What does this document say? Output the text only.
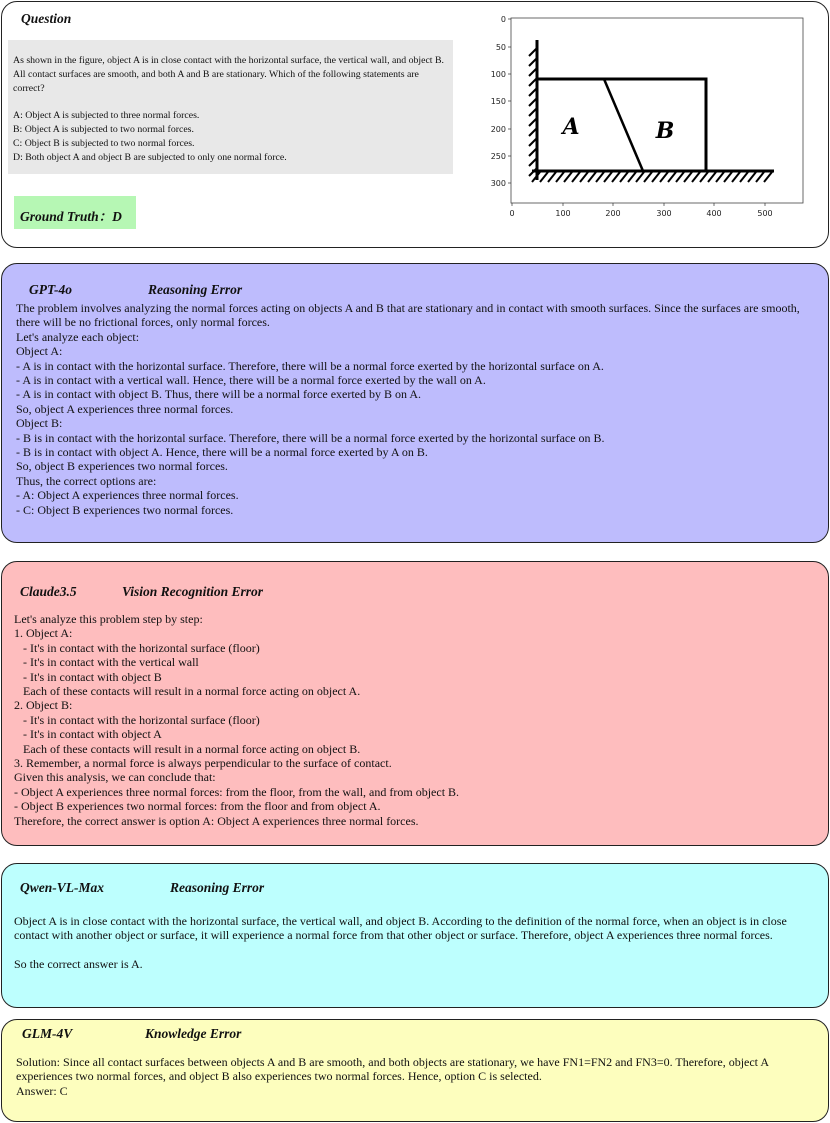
Question
As shown in the figure, object A is in close contact with the horizontal surface, the vertical wall, and object B. All contact surfaces are smooth, and both A and B are stationary. Which of the following statements are correct?
A: Object A is subjected to three normal forces.
B: Object A is subjected to two normal forces.
C: Object B is subjected to two normal forces.
D: Both object A and object B are subjected to only one normal force.
Ground Truth：D
0
50
100
150
200
250
300
0	100	200	300	400	500
A	B
GPT-4o	Reasoning Error
The problem involves analyzing the normal forces acting on objects A and B that are stationary and in contact with smooth surfaces. Since the surfaces are smooth, there will be no frictional forces, only normal forces.
Let's analyze each object:
Object A:
- A is in contact with the horizontal surface. Therefore, there will be a normal force exerted by the horizontal surface on A.
- A is in contact with a vertical wall. Hence, there will be a normal force exerted by the wall on A.
- A is in contact with object B. Thus, there will be a normal force exerted by B on A.
So, object A experiences three normal forces.
Object B:
- B is in contact with the horizontal surface. Therefore, there will be a normal force exerted by the horizontal surface on B.
- B is in contact with object A. Hence, there will be a normal force exerted by A on B.
So, object B experiences two normal forces.
Thus, the correct options are:
- A: Object A experiences three normal forces.
- C: Object B experiences two normal forces.
Claude3.5	Vision Recognition Error
Let's analyze this problem step by step:
1. Object A:
- It's in contact with the horizontal surface (floor)
- It's in contact with the vertical wall
- It's in contact with object B
Each of these contacts will result in a normal force acting on object A.
2. Object B:
- It's in contact with the horizontal surface (floor)
- It's in contact with object A
Each of these contacts will result in a normal force acting on object B.
3. Remember, a normal force is always perpendicular to the surface of contact.
Given this analysis, we can conclude that:
- Object A experiences three normal forces: from the floor, from the wall, and from object B.
- Object B experiences two normal forces: from the floor and from object A.
Therefore, the correct answer is option A: Object A experiences three normal forces.
Qwen-VL-Max	Reasoning Error
Object A is in close contact with the horizontal surface, the vertical wall, and object B. According to the definition of the normal force, when an object is in close contact with another object or surface, it will experience a normal force from that other object or surface. Therefore, object A experiences three normal forces.
So the correct answer is A.
GLM-4V	Knowledge Error
Solution: Since all contact surfaces between objects A and B are smooth, and both objects are stationary, we have FN1=FN2 and FN3=0. Therefore, object A experiences two normal forces, and object B also experiences two normal forces. Hence, option C is selected.
Answer: C
